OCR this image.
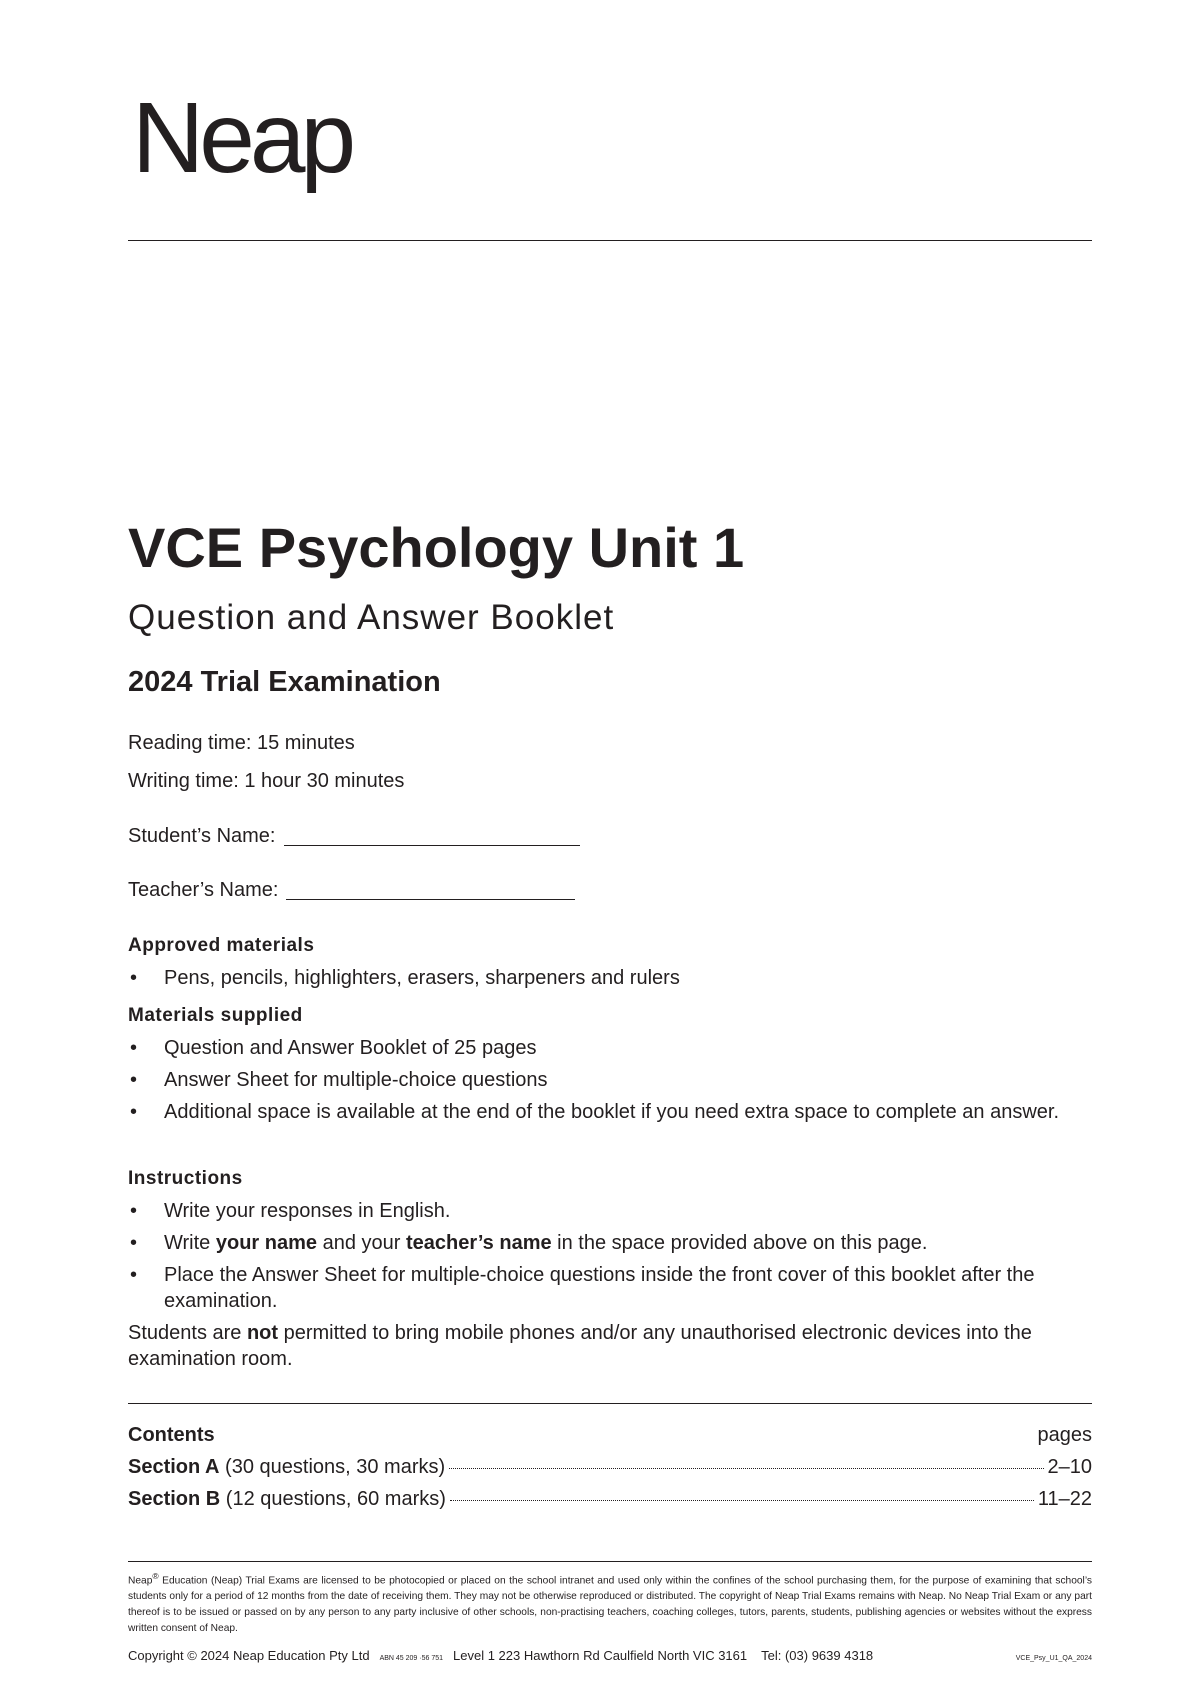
Neap
VCE Psychology Unit 1
Question and Answer Booklet
2024 Trial Examination
Reading time: 15 minutes
Writing time: 1 hour 30 minutes
Student’s Name:
Teacher’s Name:
Approved materials
•	Pens, pencils, highlighters, erasers, sharpeners and rulers
Materials supplied
•	Question and Answer Booklet of 25 pages
•	Answer Sheet for multiple-choice questions
•	Additional space is available at the end of the booklet if you need extra space to complete an answer.
Instructions
•	Write your responses in English.
•	Write your name and your teacher’s name in the space provided above on this page.
•	Place the Answer Sheet for multiple-choice questions inside the front cover of this booklet after the examination.
Students are not permitted to bring mobile phones and/or any unauthorised electronic devices into the examination room.
Contents	pages
Section A (30 questions, 30 marks)	2–10
Section B (12 questions, 60 marks)	11–22
Neap® Education (Neap) Trial Exams are licensed to be photocopied or placed on the school intranet and used only within the confines of the school purchasing them, for the purpose of examining that school’s students only for a period of 12 months from the date of receiving them. They may not be otherwise reproduced or distributed. The copyright of Neap Trial Exams remains with Neap. No Neap Trial Exam or any part thereof is to be issued or passed on by any person to any party inclusive of other schools, non-practising teachers, coaching colleges, tutors, parents, students, publishing agencies or websites without the express written consent of Neap.
Copyright © 2024 Neap Education Pty Ltd ABN 45 209 ·56 751 Level 1 223 Hawthorn Rd Caulfield North VIC 3161 Tel: (03) 9639 4318	VCE_Psy_U1_QA_2024
